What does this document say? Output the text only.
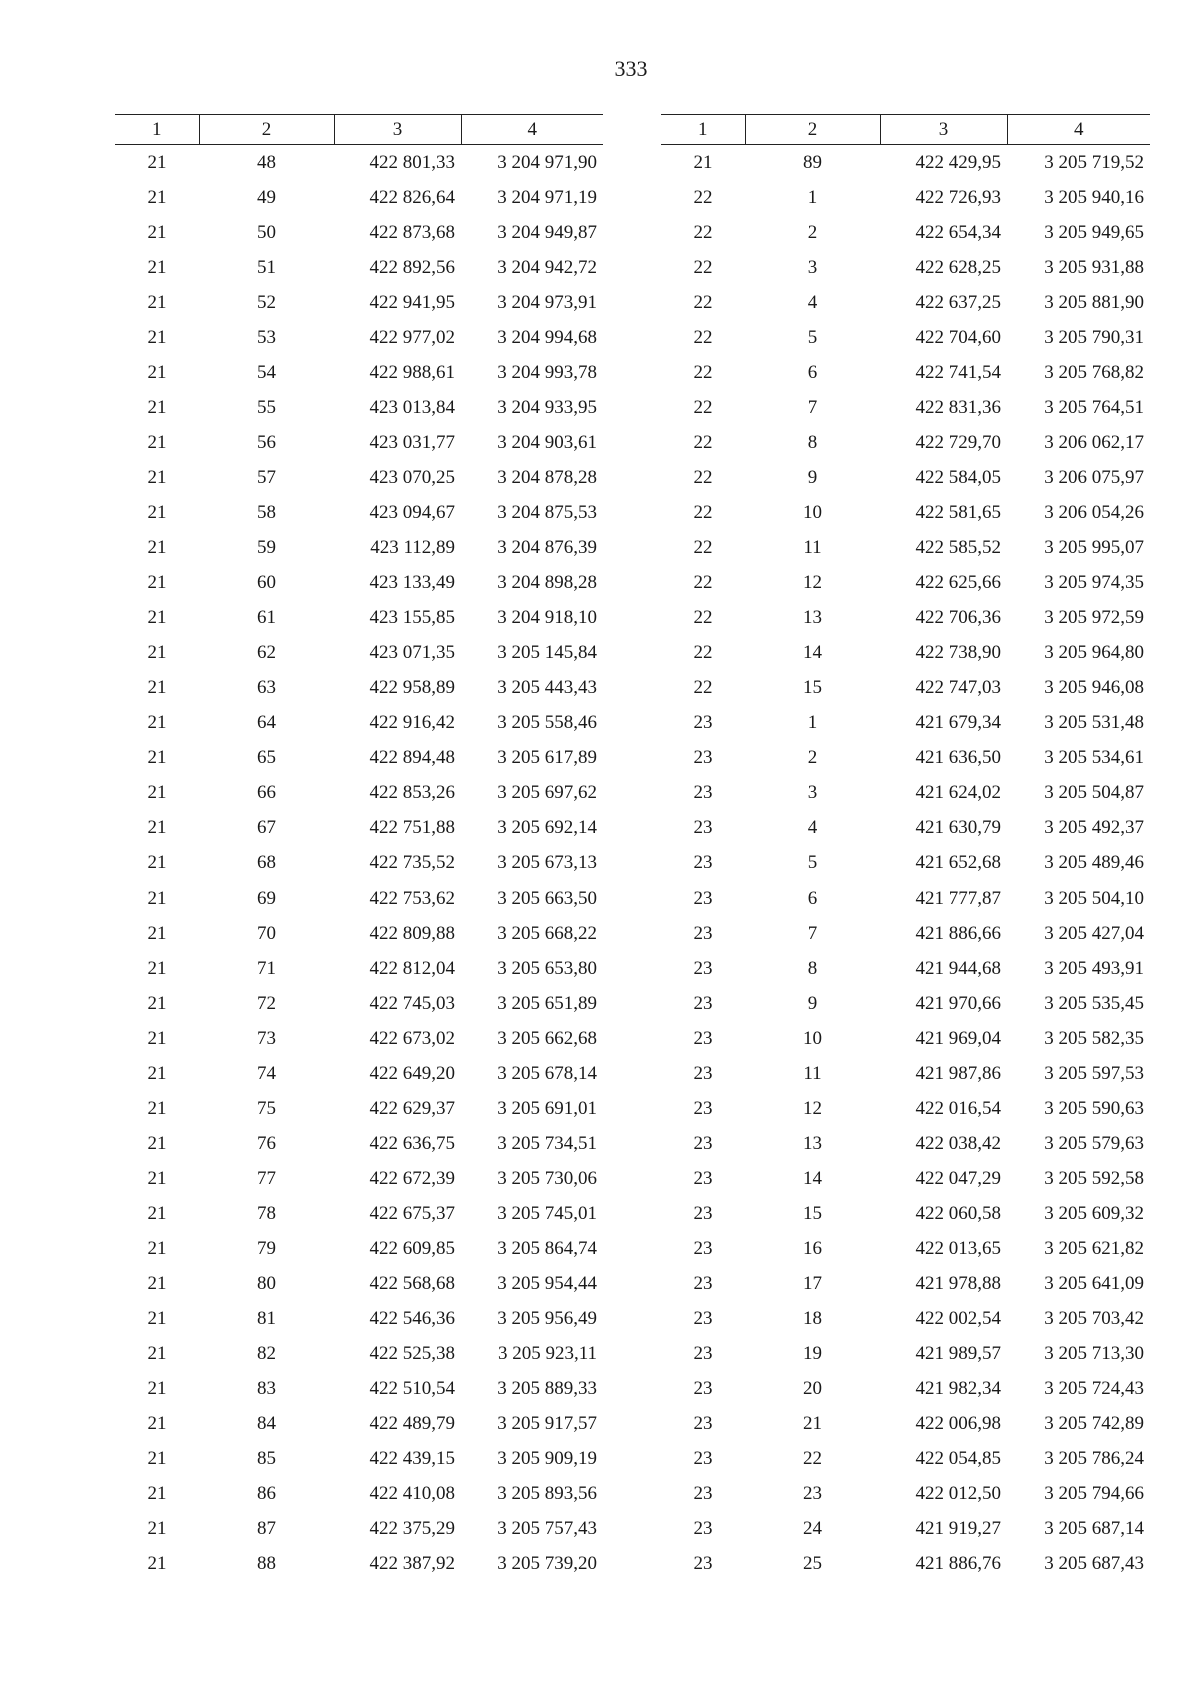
333
1	2	3	4
21	48	422 801,33	3 204 971,90
21	49	422 826,64	3 204 971,19
21	50	422 873,68	3 204 949,87
21	51	422 892,56	3 204 942,72
21	52	422 941,95	3 204 973,91
21	53	422 977,02	3 204 994,68
21	54	422 988,61	3 204 993,78
21	55	423 013,84	3 204 933,95
21	56	423 031,77	3 204 903,61
21	57	423 070,25	3 204 878,28
21	58	423 094,67	3 204 875,53
21	59	423 112,89	3 204 876,39
21	60	423 133,49	3 204 898,28
21	61	423 155,85	3 204 918,10
21	62	423 071,35	3 205 145,84
21	63	422 958,89	3 205 443,43
21	64	422 916,42	3 205 558,46
21	65	422 894,48	3 205 617,89
21	66	422 853,26	3 205 697,62
21	67	422 751,88	3 205 692,14
21	68	422 735,52	3 205 673,13
21	69	422 753,62	3 205 663,50
21	70	422 809,88	3 205 668,22
21	71	422 812,04	3 205 653,80
21	72	422 745,03	3 205 651,89
21	73	422 673,02	3 205 662,68
21	74	422 649,20	3 205 678,14
21	75	422 629,37	3 205 691,01
21	76	422 636,75	3 205 734,51
21	77	422 672,39	3 205 730,06
21	78	422 675,37	3 205 745,01
21	79	422 609,85	3 205 864,74
21	80	422 568,68	3 205 954,44
21	81	422 546,36	3 205 956,49
21	82	422 525,38	3 205 923,11
21	83	422 510,54	3 205 889,33
21	84	422 489,79	3 205 917,57
21	85	422 439,15	3 205 909,19
21	86	422 410,08	3 205 893,56
21	87	422 375,29	3 205 757,43
21	88	422 387,92	3 205 739,20
1	2	3	4
21	89	422 429,95	3 205 719,52
22	1	422 726,93	3 205 940,16
22	2	422 654,34	3 205 949,65
22	3	422 628,25	3 205 931,88
22	4	422 637,25	3 205 881,90
22	5	422 704,60	3 205 790,31
22	6	422 741,54	3 205 768,82
22	7	422 831,36	3 205 764,51
22	8	422 729,70	3 206 062,17
22	9	422 584,05	3 206 075,97
22	10	422 581,65	3 206 054,26
22	11	422 585,52	3 205 995,07
22	12	422 625,66	3 205 974,35
22	13	422 706,36	3 205 972,59
22	14	422 738,90	3 205 964,80
22	15	422 747,03	3 205 946,08
23	1	421 679,34	3 205 531,48
23	2	421 636,50	3 205 534,61
23	3	421 624,02	3 205 504,87
23	4	421 630,79	3 205 492,37
23	5	421 652,68	3 205 489,46
23	6	421 777,87	3 205 504,10
23	7	421 886,66	3 205 427,04
23	8	421 944,68	3 205 493,91
23	9	421 970,66	3 205 535,45
23	10	421 969,04	3 205 582,35
23	11	421 987,86	3 205 597,53
23	12	422 016,54	3 205 590,63
23	13	422 038,42	3 205 579,63
23	14	422 047,29	3 205 592,58
23	15	422 060,58	3 205 609,32
23	16	422 013,65	3 205 621,82
23	17	421 978,88	3 205 641,09
23	18	422 002,54	3 205 703,42
23	19	421 989,57	3 205 713,30
23	20	421 982,34	3 205 724,43
23	21	422 006,98	3 205 742,89
23	22	422 054,85	3 205 786,24
23	23	422 012,50	3 205 794,66
23	24	421 919,27	3 205 687,14
23	25	421 886,76	3 205 687,43
